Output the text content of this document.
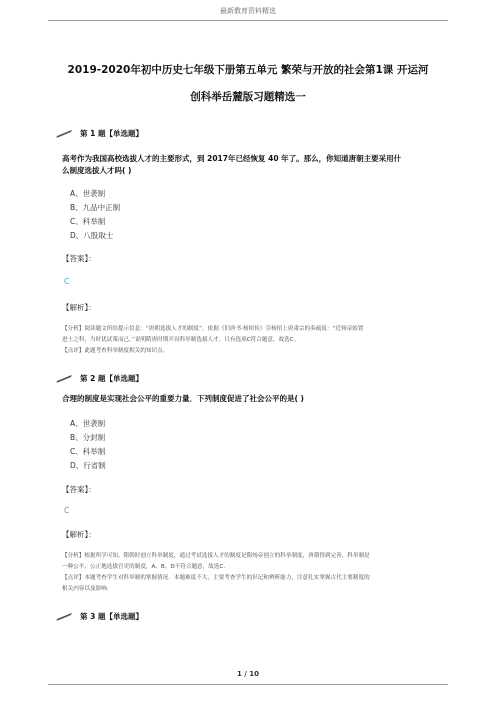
最新教育资料精选
2019-2020年初中历史七年级下册第五单元 繁荣与开放的社会第1课 开运河
创科举岳麓版习题精选一
第 1 题【单选题】
高考作为我国高校选拔人才的主要形式，到 2017年已经恢复 40 年了。那么，你知道唐朝主要采用什
么制度选拔人才吗( )
A、世袭制
B、九品中正制
C、科举制
D、八股取士
【答案】：
C
【解析】：

【分析】阅读题文所给提示信息：“唐朝选拔人才的制度”。依据《旧唐书·杨绾传》引杨绾上唐肃宗的奏疏说：“近炀帝始置

进士之科，当时犹试策而已。”说明隋唐时期开设科举制选拔人才。只有选项C符合题意，故选C。

【点评】此题考查科举制度相关的知识点。

第 2 题【单选题】
合理的制度是实现社会公平的重要力量．下列制度促进了社会公平的是( )
A、世袭制
B、分封制
C、科举制
D、行省制
【答案】：
C
【解析】：

【分析】根据所学可知，隋朝时创立科举制度，通过考试选拔人才的制度是隋炀帝创立的科举制度，唐朝得到完善，科举制是

一种公平、公正地选拔官吏的制度，A、B、D不符合题意，故选C．

【点评】本题考查学生对科举制的掌握情况．本题难度不大，主要考查学生的识记和辨析能力，注意扎实掌握古代主要制度的

相关内容以及影响．

第 3 题【单选题】
1 / 10
